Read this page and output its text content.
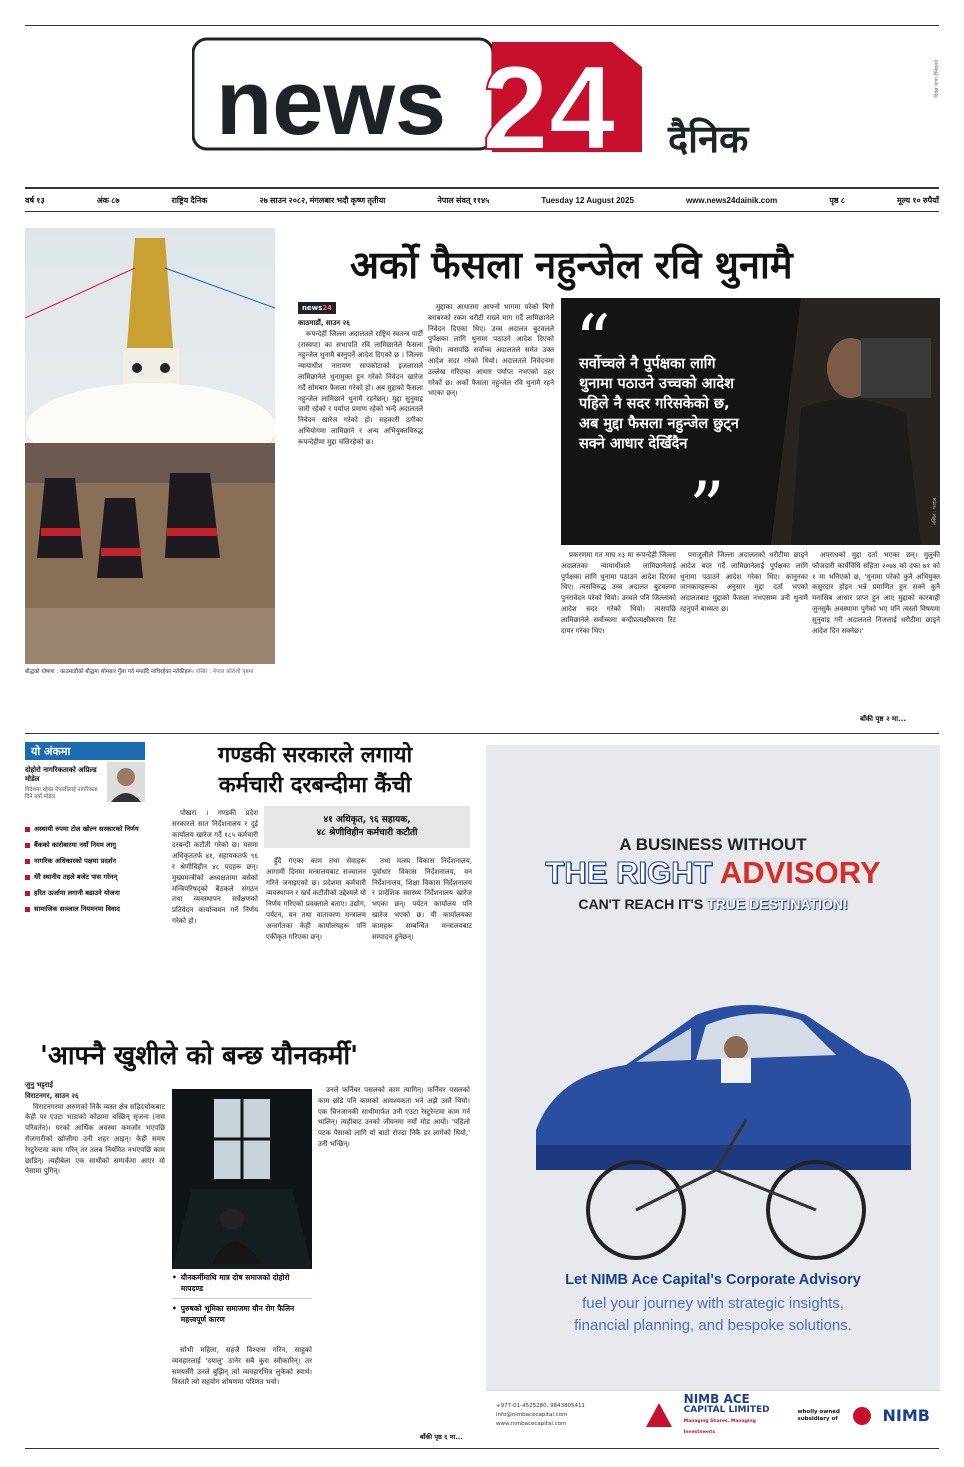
news 24 दैनिक
दिवस थापा दैनिकको
वर्ष १३	अंक ८७	राष्ट्रिय दैनिक	२७ साउन २०८२, मंगलबार भदौ कृष्ण तृतीया	नेपाल संवत् ११४५	Tuesday 12 August 2025	www.news24dainik.com	पृष्ठ ८	मूल्य १० रुपैयाँ
बौद्धको घोषणा : काठमाडौंको बौद्धमा सोमबार गुँला पर्व मनाइँदै नाचिरहेका नर्तकीहरू। तस्बिर : नेपाल कोरोशी पृष्ठमा
अर्को फैसला नहुन्जेल रवि थुनामै
news24
काठमाडौं, साउन २६

रूपन्देही जिल्ला अदालतले राष्ट्रिय स्वतन्त्र पार्टी (रास्वपा) का सभापति रवि लामिछानेले फैसला नहुन्जेल थुनामै बस्नुपर्ने आदेश दिएको छ । जिल्ला न्यायाधीश नारायण सापकोटाको इजलासले लामिछानेले थुनामुक्त हुन गरेको निवेदन खारेज गर्दै सोमबार फैसला गरेको हो। अब मुद्दाको फैसला नहुन्जेल लामिछाने थुनामै रहनेछन्। मुद्दा सुनुवाइ जारी रहेको र पर्याप्त प्रमाण रहेको भन्दै अदालतले निवेदन खारेज गरेको हो। सहकारी ठगीका अभियोगमा लामिछाने र अन्य अभियुक्तविरुद्ध रूपन्देहीमा मुद्दा चलिरहेको छ।

मुद्दाका आधारमा आफ्नो भागमा परेको बिगो बराबरको रकम धरौटी राख्ने माग गर्दै लामिछानेले निवेदन दिएका थिए। उच्च अदालत बुटवलले पुर्पक्षका लागि थुनामा पठाउने आदेश दिएको थियो। त्यसपछि सर्वोच्च अदालतले समेत उक्त आदेश सदर गरेको थियो। अदालतले निवेदनमा उल्लेख गरिएका आधार पर्याप्त नभएको ठहर गरेको छ। अर्को फैसला नहुन्जेल रवि थुनामै रहने भएका छन्।

“
सर्वोच्चले नै पुर्पक्षका लागि थुनामा पठाउने उच्चको आदेश पहिले नै सदर गरिसकेको छ, अब मुद्दा फैसला नहुन्जेल छुट्न सक्ने आधार देखिँदैन
”	तस्बिर : फाइल

प्रकरणमा गत माघ १३ मा रूपन्देही जिल्ला अदालतका न्यायाधीशले लामिछानेलाई पुर्पक्षका लागि थुनामा पठाउन आदेश दिएका थिए। त्यसविरुद्ध उच्च अदालत बुटवलमा पुनरावेदन परेको थियो। उच्चले पनि जिल्लाको आदेश सदर गरेको थियो। त्यसपछि लामिछानेले सर्वोच्चमा बन्दीप्रत्यक्षीकरण रिट दायर गरेका थिए।

पराजुलीले जिल्ला अदालतको धरौटीमा छाड्ने आदेश बदर गर्दै लामिछानेलाई पुर्पक्षका लागि थुनामा पठाउने आदेश गरेका थिए। कानुनका जानकारहरूका अनुसार मुद्दा दर्ता भएको अदालतबाट मुद्दाको फैसला नभएसम्म उनी थुनामै रहनुपर्ने बाध्यता छ।

अपराधको मुद्दा दर्ता भएका छन्। मुलुकी फौजदारी कार्यविधि संहिता २०७४ को दफा ७१ को १ मा भनिएको छ, 'थुनामा परेको कुनै अभियुक्त कसुरदार होइन भन्ने प्रमाणित हुन सक्ने कुनै मनासिब आधार प्राप्त हुन आए मुद्दाको कारबाही जुनसुकै अवस्थामा पुगेको भए पनि त्यस्तो विषयमा सुनुवाइ गरी अदालतले निजलाई धरौटीमा छाड्ने आदेश दिन सक्नेछ।'

बाँकी पृष्ठ २ मा...
यो अंकमा
दोहोरो नागरिकताको अप्रिल्ड मोडेल
विदेशमा रहेका नेपालीलाई नागरिकता दिने नयाँ मोडेल
अस्थायी रुपमा टोल खोल्न सरकारको निर्णय
बैंकको कारोबारमा नयाँ नियम लागु
नागरिक अधिकारको पक्षमा प्रदर्शन
धेरै स्थानीय तहले बजेट पास गरेनन्
हरित ऊर्जामा लगानी बढाउने योजना
सामाजिक सञ्जाल नियमनमा विवाद
गण्डकी सरकारले लगायो
कर्मचारी दरबन्दीमा कैंची

पोखरा । गण्डकी प्रदेश सरकारले सात निर्देशनालय र दुई कार्यालय खारेज गर्दै १८५ कर्मचारी दरबन्दी कटौती गरेको छ। यसमा अधिकृततर्फ ४१, सहायकतर्फ ९६ र श्रेणीविहीन ४८ पदहरू छन्। मुख्यमन्त्रीको अध्यक्षतामा बसेको मन्त्रिपरिषद्‌को बैठकले संगठन तथा व्यवस्थापन सर्वेक्षणको प्रतिवेदन कार्यान्वयन गर्ने निर्णय गरेको हो।

४१ अधिकृत, ९६ सहायक,
४८ श्रेणीविहीन कर्मचारी कटौती

हुँदै गएका काम तथा सेवाहरू आगामी दिनमा मन्त्रालयबाट सञ्चालन गरिने जनाइएको छ। प्रदेशमा कर्मचारी व्यवस्थापन र खर्च कटौतीको उद्देश्यले यो निर्णय गरिएको प्रवक्ताले बताए। उद्योग, पर्यटन, वन तथा वातावरण मन्त्रालय अन्तर्गतका केही कार्यालयहरू पनि एकीकृत गरिएका छन्।

तथा मत्स्य विकास निर्देशनालय, पूर्वाधार विकास निर्देशनालय, वन निर्देशनालय, शिक्षा विकास निर्देशनालय र प्रादेशिक स्वास्थ्य निर्देशनालय खारेज भएका छन्। पर्यटन कार्यालय पनि खारेज भएको छ। यी कार्यालयका कामहरू सम्बन्धित मन्त्रालयबाट सम्पादन हुनेछन्।

'आफ्नै खुशीले को बन्छ यौनकर्मी'
जुनु भट्टराई
विराटनगर, साउन २६

विराटनगरमा अरुणको निकै व्यस्त क्षेत्र सहिदचोकबाट केही पर एउटा भाडाको कोठामा बस्छिन् सृजना (नाम परिवर्तन)। घरको आर्थिक अवस्था कमजोर भएपछि रोजगारीको खोजीमा उनी शहर आइन्। केही समय रेस्टुरेन्टमा काम गरिन् तर तलब नियमित नभएपछि काम छाडिन्। त्यहीबेला एक साथीको सम्पर्कमा आएर यो पेसामा पुगिन्।

• यौनकर्मीमाथि मात्र दोष समाजको दोहोरो मापदण्ड
• पुरुषको भूमिका समाजमा यौन रोग फैलिन महत्त्वपूर्ण कारण

सोभी महिला, सहजै विश्वास गरिन, साहुको व्यवहारलाई 'दयालु' ठानेर सबै कुरा स्वीकारिन्। तर समयसँगै उनले बुझिन् त्यो व्यवहारभित्र लुकेको स्वार्थ। विस्तारै त्यो सहयोग शोषणमा परिणत भयो।

उनले फर्निचर पसलको काम त्यागिन्। फर्निचर पसलको काम छोडे पनि कामको आवश्यकता भने अझै उस्तै थियो। एक चिनजानकी साथीमार्फत उनी एउटा रेस्टुरेन्टमा काम गर्न थालिन्। त्यहीबाट उनको जीवनमा नयाँ मोड आयो। 'पहिलो पटक पैसाको लागि यो बाटो रोज्दा निकै डर लागेको थियो,' उनी भन्छिन्।

बाँकी पृष्ठ ६ मा...
A BUSINESS WITHOUT
THE RIGHT ADVISORY
CAN'T REACH IT'S TRUE DESTINATION!
Let NIMB Ace Capital's Corporate Advisory
fuel your journey with strategic insights,
financial planning, and bespoke solutions.
+977-01-4525280, 9843805411
info@nimbacecapital.com
www.nimbacecapital.com
NIMB ACE
CAPITAL LIMITED
Managing Shares. Managing Investments
wholly owned subsidiary of	NIMB
